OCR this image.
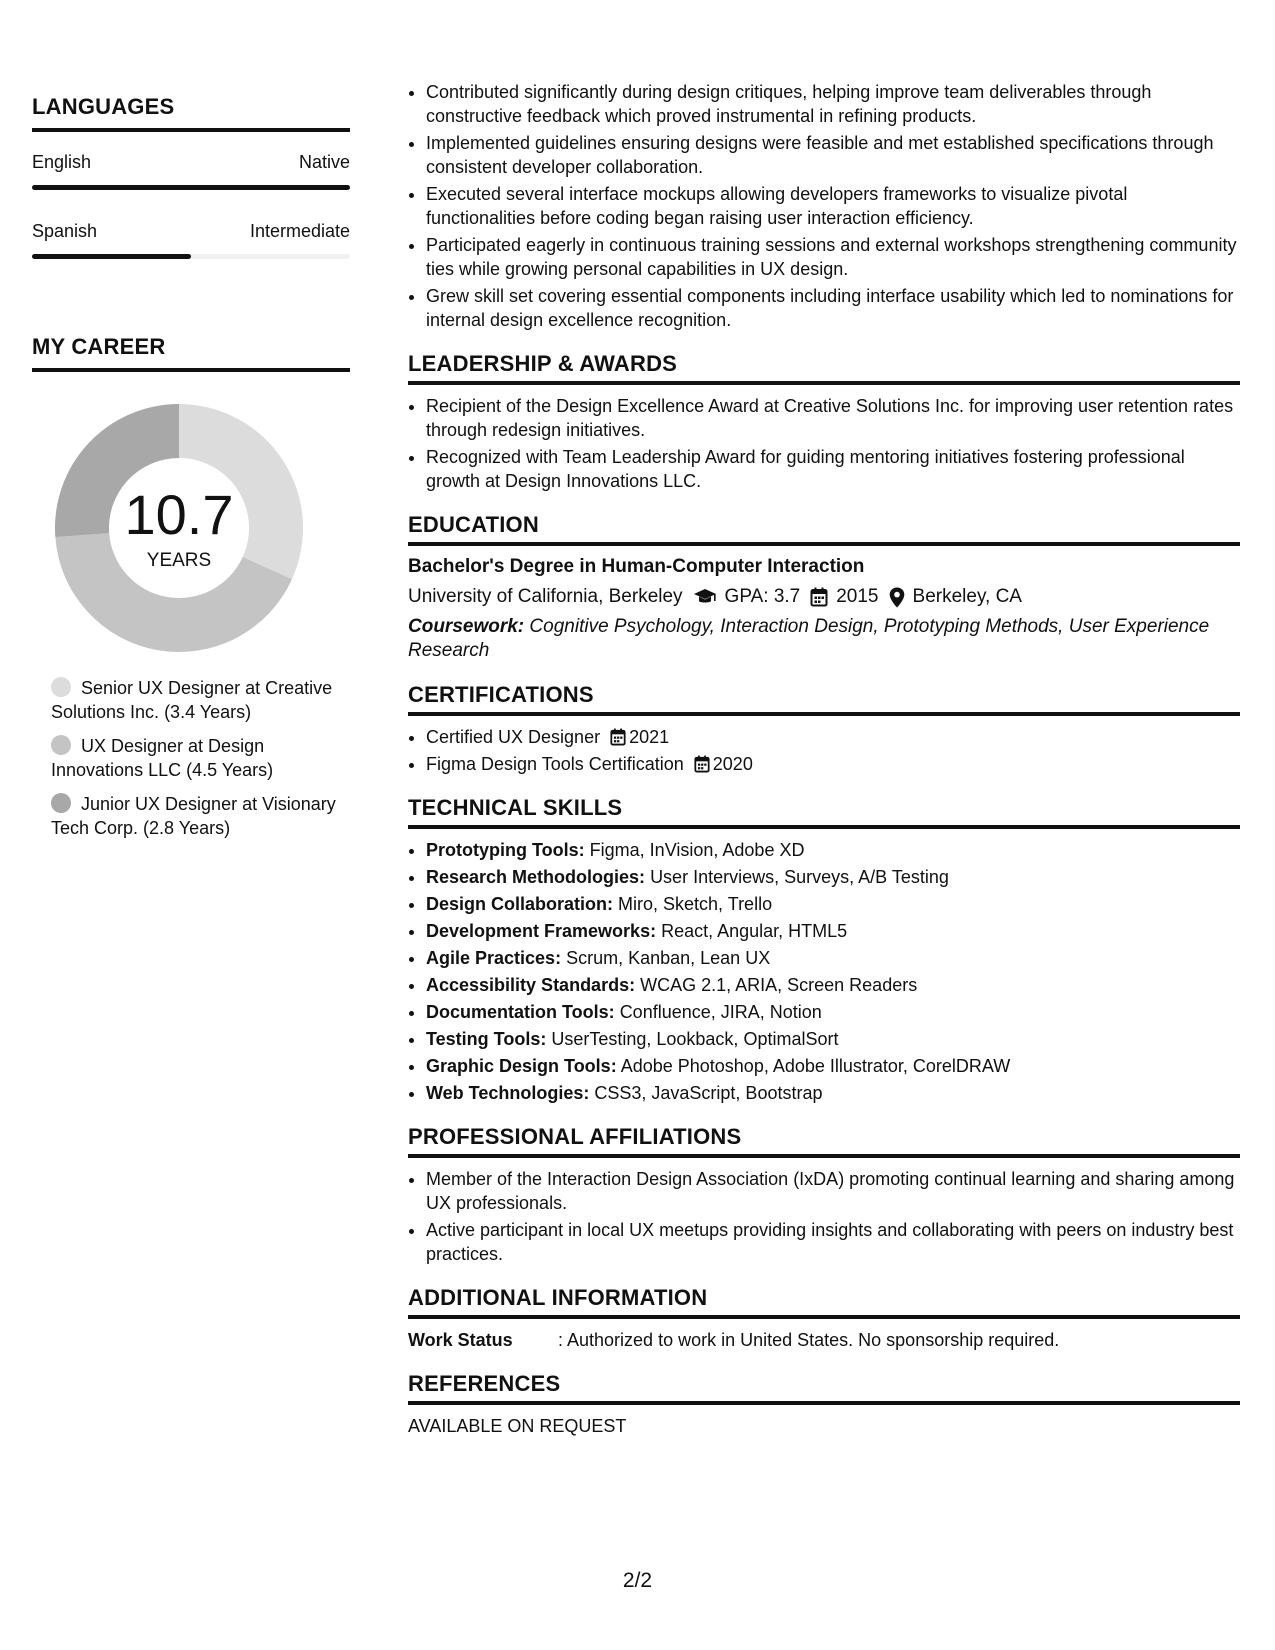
LANGUAGES
English	Native
Spanish	Intermediate
MY CAREER
10.7
YEARS
Senior UX Designer at Creative Solutions Inc. (3.4 Years)
UX Designer at Design Innovations LLC (4.5 Years)
Junior UX Designer at Visionary Tech Corp. (2.8 Years)
• Contributed significantly during design critiques, helping improve team deliverables through constructive feedback which proved instrumental in refining products.
• Implemented guidelines ensuring designs were feasible and met established specifications through consistent developer collaboration.
• Executed several interface mockups allowing developers frameworks to visualize pivotal functionalities before coding began raising user interaction efficiency.
• Participated eagerly in continuous training sessions and external workshops strengthening community ties while growing personal capabilities in UX design.
• Grew skill set covering essential components including interface usability which led to nominations for internal design excellence recognition.
LEADERSHIP & AWARDS
• Recipient of the Design Excellence Award at Creative Solutions Inc. for improving user retention rates through redesign initiatives.
• Recognized with Team Leadership Award for guiding mentoring initiatives fostering professional growth at Design Innovations LLC.
EDUCATION
Bachelor's Degree in Human-Computer Interaction
University of California, Berkeley GPA: 3.7 2015 Berkeley, CA
Coursework: Cognitive Psychology, Interaction Design, Prototyping Methods, User Experience Research
CERTIFICATIONS
• Certified UX Designer 2021
• Figma Design Tools Certification 2020
TECHNICAL SKILLS
• Prototyping Tools: Figma, InVision, Adobe XD
• Research Methodologies: User Interviews, Surveys, A/B Testing
• Design Collaboration: Miro, Sketch, Trello
• Development Frameworks: React, Angular, HTML5
• Agile Practices: Scrum, Kanban, Lean UX
• Accessibility Standards: WCAG 2.1, ARIA, Screen Readers
• Documentation Tools: Confluence, JIRA, Notion
• Testing Tools: UserTesting, Lookback, OptimalSort
• Graphic Design Tools: Adobe Photoshop, Adobe Illustrator, CorelDRAW
• Web Technologies: CSS3, JavaScript, Bootstrap
PROFESSIONAL AFFILIATIONS
• Member of the Interaction Design Association (IxDA) promoting continual learning and sharing among UX professionals.
• Active participant in local UX meetups providing insights and collaborating with peers on industry best practices.
ADDITIONAL INFORMATION
Work Status	: Authorized to work in United States. No sponsorship required.
REFERENCES
AVAILABLE ON REQUEST
2/2
